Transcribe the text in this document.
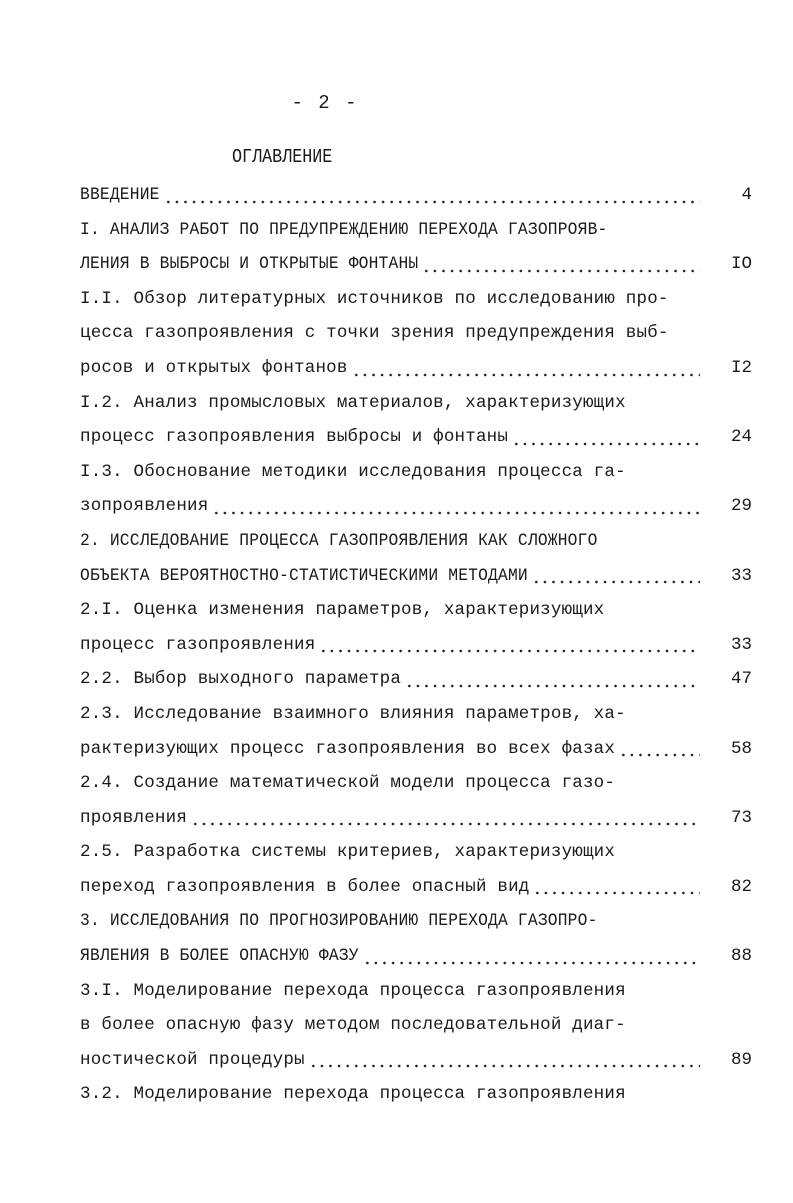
- 2 -
ОГЛАВЛЕНИЕ
ВВЕДЕНИЕ	4
I. АНАЛИЗ РАБОТ ПО ПРЕДУПРЕЖДЕНИЮ ПЕРЕХОДА ГАЗОПРОЯВ-
ЛЕНИЯ В ВЫБРОСЫ И ОТКРЫТЫЕ ФОНТАНЫ	IO
I.I. Обзор литературных источников по исследованию про-
цесса газопроявления с точки зрения предупреждения выб-
росов и открытых фонтанов	I2
I.2. Анализ промысловых материалов, характеризующих
процесс газопроявления выбросы и фонтаны	24
I.3. Обоснование методики исследования процесса га-
зопроявления	29
2. ИССЛЕДОВАНИЕ ПРОЦЕССА ГАЗОПРОЯВЛЕНИЯ КАК СЛОЖНОГО
ОБЪЕКТА ВЕРОЯТНОСТНО-СТАТИСТИЧЕСКИМИ МЕТОДАМИ	33
2.I. Оценка изменения параметров, характеризующих
процесс газопроявления	33
2.2. Выбор выходного параметра	47
2.3. Исследование взаимного влияния параметров, ха-
рактеризующих процесс газопроявления во всех фазах	58
2.4. Создание математической модели процесса газо-
проявления	73
2.5. Разработка системы критериев, характеризующих
переход газопроявления в более опасный вид	82
3. ИССЛЕДОВАНИЯ ПО ПРОГНОЗИРОВАНИЮ ПЕРЕХОДА ГАЗОПРО-
ЯВЛЕНИЯ В БОЛЕЕ ОПАСНУЮ ФАЗУ	88
3.I. Моделирование перехода процесса газопроявления
в более опасную фазу методом последовательной диаг-
ностической процедуры	89
3.2. Моделирование перехода процесса газопроявления
